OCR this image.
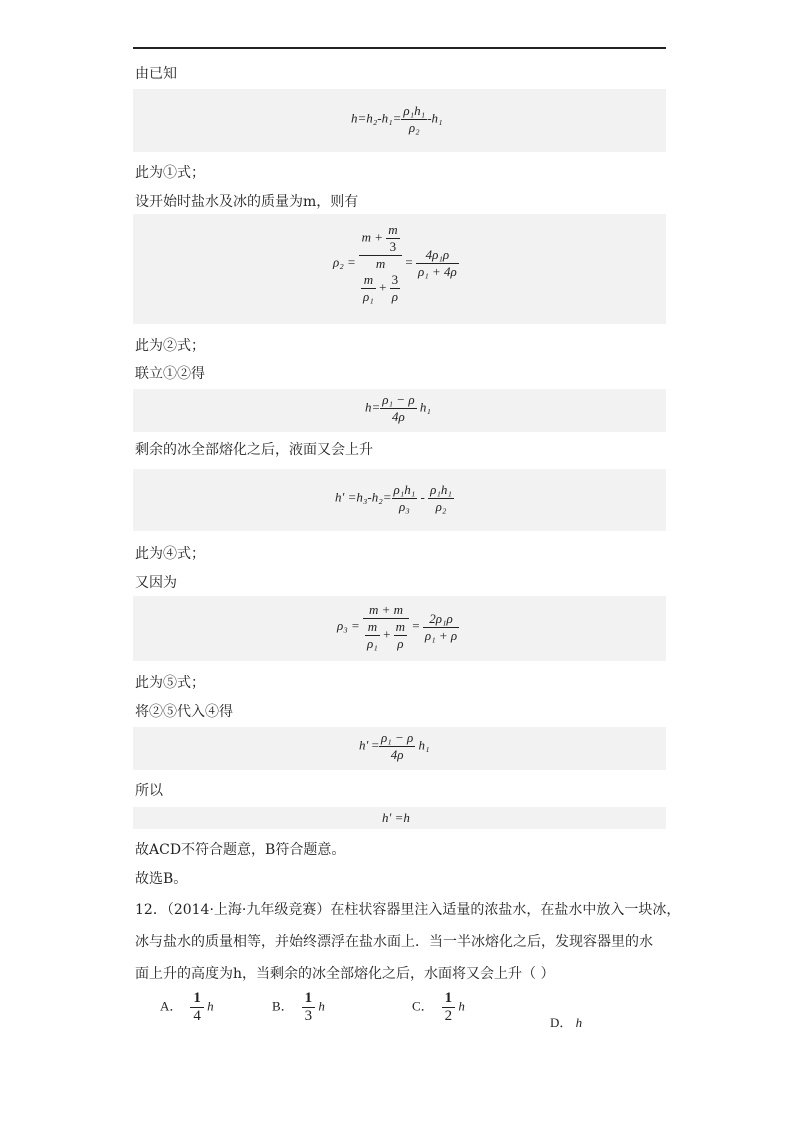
由已知
$h=h_2-h_1= \frac{\text{ρ₁h₁}}{\text{ρ₂}} -h_1$
此为①式；
设开始时盐水及冰的质量为m，则有
$\rho_2 = m + \frac{m}{3}$
m
$\frac{m}{\text{ρ₁}} + \frac{3}{\rho} = \frac{\text{4ρ₁ρ}}{\text{ρ₁ + 4ρ}}$
此为②式；
联立①②得
$h= \frac{\text{ρ₁ − ρ}}{4\rho} h_1$
剩余的冰全部熔化之后，液面又会上升
$h' =h_3-h_2= \frac{\text{ρ₁h₁}}{\text{ρ₃}} - \frac{\text{ρ₁h₁}}{\text{ρ₂}}$
此为④式；
又因为
$\rho_3 = \frac{m + m}{\frac{m}{\text{ρ₁}} + \frac{m}{\rho}} = \frac{\text{2ρ₁ρ}}{\text{ρ₁ + ρ}}$
此为⑤式；
将②⑤代入④得
$h' = \frac{\text{ρ₁ − ρ}}{4\rho} h_1$
所以
h′ =h
故ACD不符合题意，B符合题意。
故选B。
12．（2014·上海·九年级竞赛）在柱状容器里注入适量的浓盐水，在盐水中放入一块冰，
冰与盐水的质量相等，并始终漂浮在盐水面上．当一半冰熔化之后，发现容器里的水
面上升的高度为h，当剩余的冰全部熔化之后，水面将又会上升（ ）
A． $\frac{1}{4}$ h	B． $\frac{1}{3}$ h	C． $\frac{1}{2}$ h
D． h
